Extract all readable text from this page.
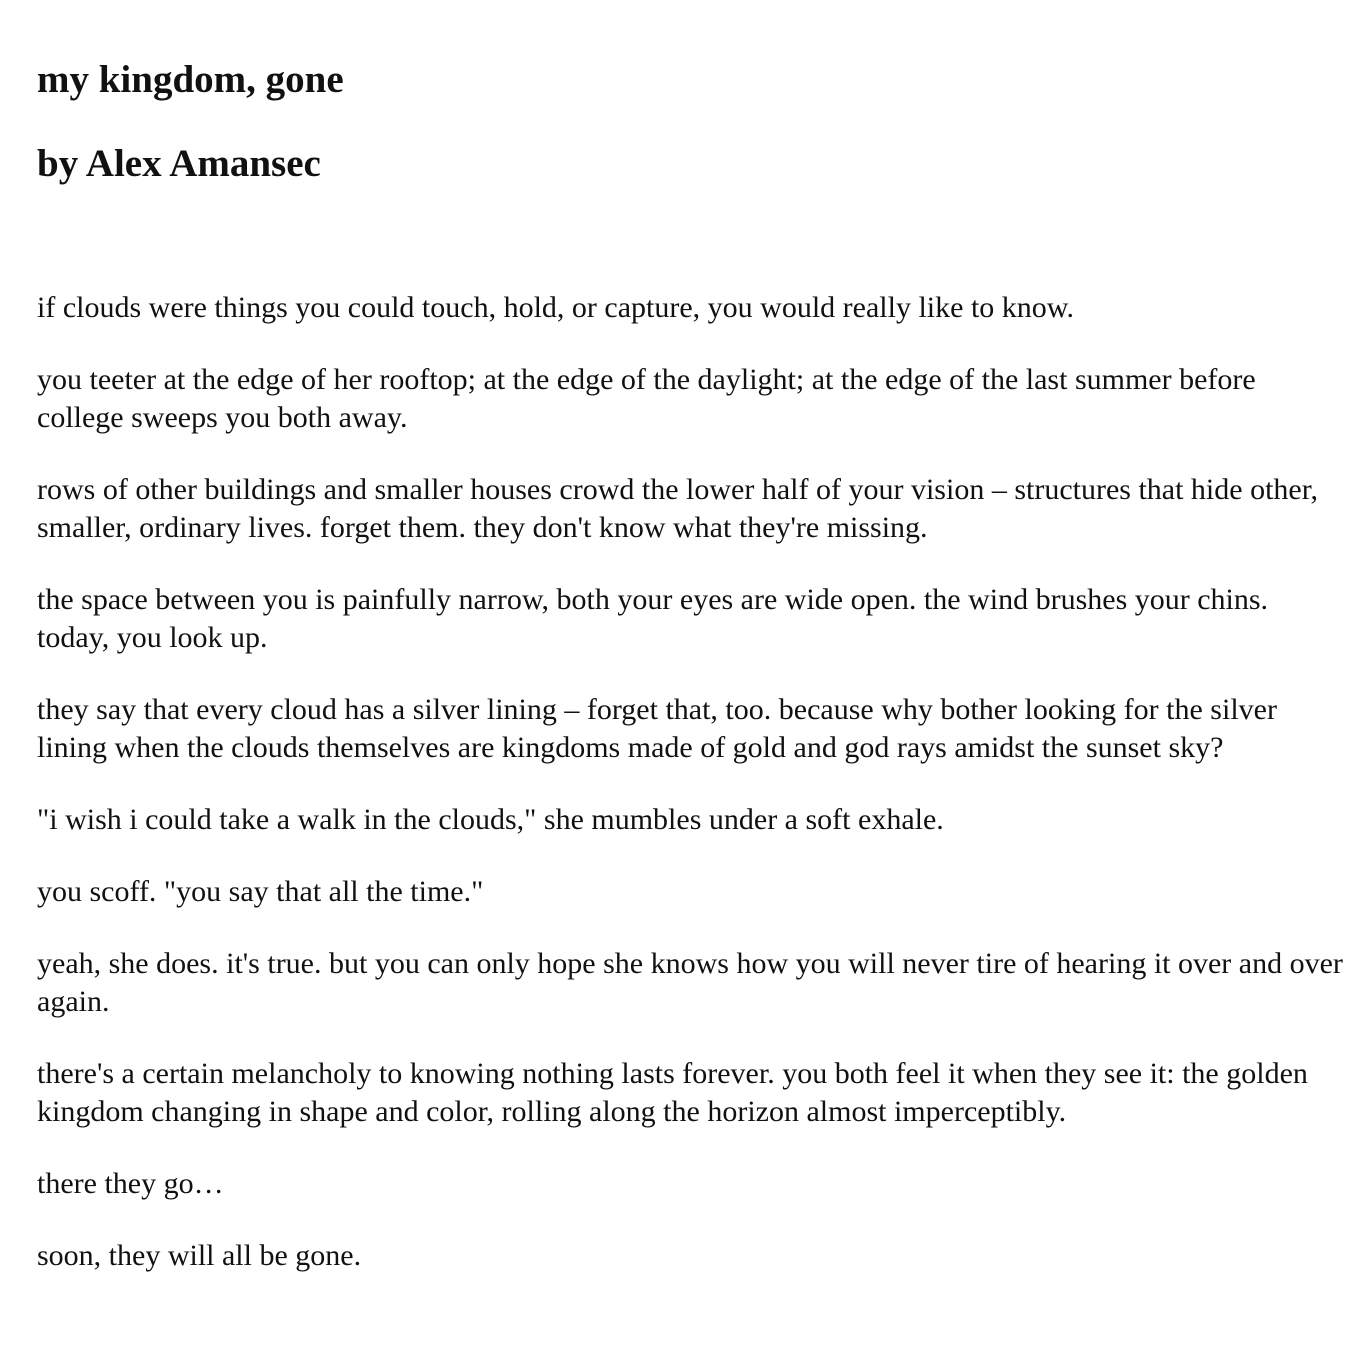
my kingdom, gone
by Alex Amansec

if clouds were things you could touch, hold, or capture, you would really like to know.

you teeter at the edge of her rooftop; at the edge of the daylight; at the edge of the last summer before college sweeps you both away.

rows of other buildings and smaller houses crowd the lower half of your vision – structures that hide other, smaller, ordinary lives. forget them. they don't know what they're missing.

the space between you is painfully narrow, both your eyes are wide open. the wind brushes your chins. today, you look up.

they say that every cloud has a silver lining – forget that, too. because why bother looking for the silver lining when the clouds themselves are kingdoms made of gold and god rays amidst the sunset sky?

"i wish i could take a walk in the clouds," she mumbles under a soft exhale.

you scoff. "you say that all the time."

yeah, she does. it's true. but you can only hope she knows how you will never tire of hearing it over and over again.

there's a certain melancholy to knowing nothing lasts forever. you both feel it when they see it: the golden kingdom changing in shape and color, rolling along the horizon almost imperceptibly.

there they go…

soon, they will all be gone.
